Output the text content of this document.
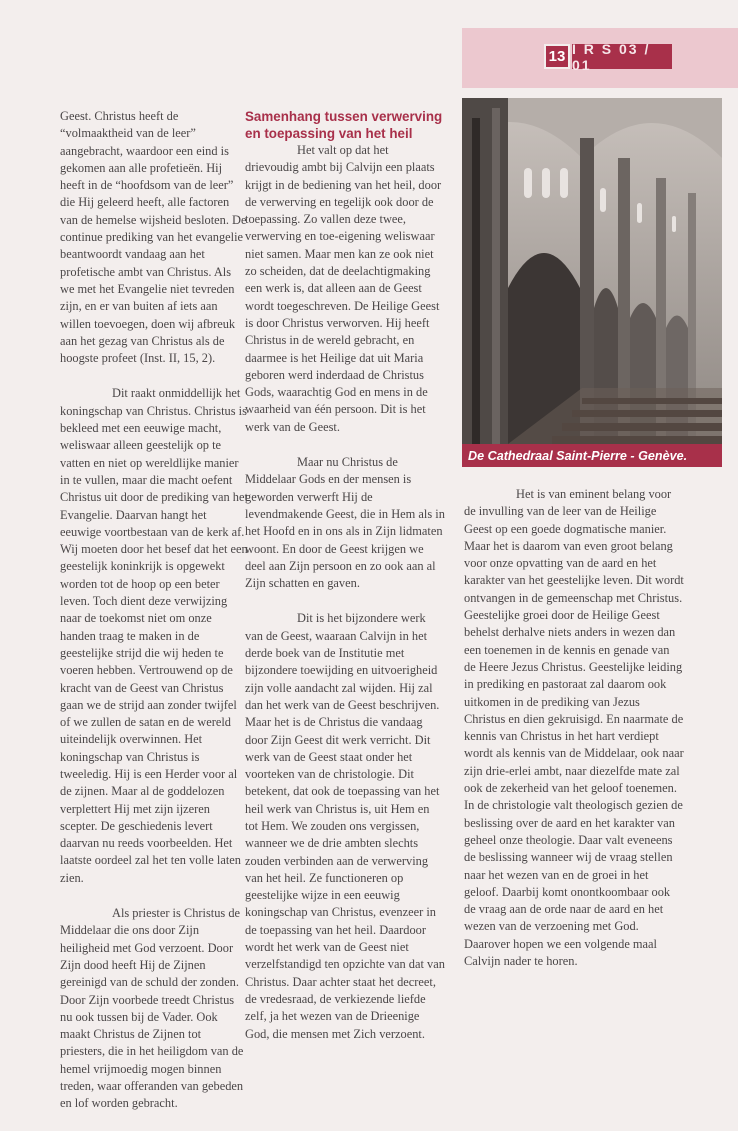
13 I R S 03 / 01

Geest. Christus heeft de “volmaaktheid van de leer” aangebracht, waardoor een eind is gekomen aan alle profetieën. Hij heeft in de “hoofdsom van de leer” die Hij geleerd heeft, alle factoren van de hemelse wijsheid besloten. De continue prediking van het evangelie beantwoordt vandaag aan het profetische ambt van Christus. Als we met het Evangelie niet tevreden zijn, en er van buiten af iets aan willen toevoegen, doen wij afbreuk aan het gezag van Christus als de hoogste profeet (Inst. II, 15, 2).

Dit raakt onmiddellijk het koningschap van Christus. Christus is bekleed met een eeuwige macht, weliswaar alleen geestelijk op te vatten en niet op wereldlijke manier in te vullen, maar die macht oefent Christus uit door de prediking van het Evangelie. Daarvan hangt het eeuwige voortbestaan van de kerk af. Wij moeten door het besef dat het een geestelijk koninkrijk is opgewekt worden tot de hoop op een beter leven. Toch dient deze verwijzing naar de toekomst niet om onze handen traag te maken in de geestelijke strijd die wij heden te voeren hebben. Vertrouwend op de kracht van de Geest van Christus gaan we de strijd aan zonder twijfel of we zullen de satan en de wereld uiteindelijk overwinnen. Het koningschap van Christus is tweeledig. Hij is een Herder voor al de zijnen. Maar al de goddelozen verplettert Hij met zijn ijzeren scepter. De geschiedenis levert daarvan nu reeds voorbeelden. Het laatste oordeel zal het ten volle laten zien.

Als priester is Christus de Middelaar die ons door Zijn heiligheid met God verzoent. Door Zijn dood heeft Hij de Zijnen gereinigd van de schuld der zonden. Door Zijn voorbede treedt Christus nu ook tussen bij de Vader. Ook maakt Christus de Zijnen tot priesters, die in het heiligdom van de hemel vrijmoedig mogen binnen treden, waar offeranden van gebeden en lof worden gebracht.

Samenhang tussen verwerving en toepassing van het heil

Het valt op dat het drievoudig ambt bij Calvijn een plaats krijgt in de bediening van het heil, door de verwerving en tegelijk ook door de toepassing. Zo vallen deze twee, verwerving en toe-eigening weliswaar niet samen. Maar men kan ze ook niet zo scheiden, dat de deelachtigmaking een werk is, dat alleen aan de Geest wordt toegeschreven. De Heilige Geest is door Christus verworven. Hij heeft Christus in de wereld gebracht, en daarmee is het Heilige dat uit Maria geboren werd inderdaad de Christus Gods, waarachtig God en mens in de waarheid van één persoon. Dit is het werk van de Geest.

Maar nu Christus de Middelaar Gods en der mensen is geworden verwerft Hij de levendmakende Geest, die in Hem als in het Hoofd en in ons als in Zijn lidmaten woont. En door de Geest krijgen we deel aan Zijn persoon en zo ook aan al Zijn schatten en gaven.

Dit is het bijzondere werk van de Geest, waaraan Calvijn in het derde boek van de Institutie met bijzondere toewijding en uitvoerigheid zijn volle aandacht zal wijden. Hij zal dan het werk van de Geest beschrijven. Maar het is de Christus die vandaag door Zijn Geest dit werk verricht. Dit werk van de Geest staat onder het voorteken van de christologie. Dit betekent, dat ook de toepassing van het heil werk van Christus is, uit Hem en tot Hem. We zouden ons vergissen, wanneer we de drie ambten slechts zouden verbinden aan de verwerving van het heil. Ze functioneren op geestelijke wijze in een eeuwig koningschap van Christus, evenzeer in de toepassing van het heil. Daardoor wordt het werk van de Geest niet verzelfstandigd ten opzichte van dat van Christus. Daar achter staat het decreet, de vredesraad, de verkiezende liefde zelf, ja het wezen van de Drieenige God, die mensen met Zich verzoent.

De Cathedraal Saint-Pierre - Genève.

Het is van eminent belang voor de invulling van de leer van de Heilige Geest op een goede dogmatische manier. Maar het is daarom van even groot belang voor onze opvatting van de aard en het karakter van het geestelijke leven. Dit wordt ontvangen in de gemeenschap met Christus. Geestelijke groei door de Heilige Geest behelst derhalve niets anders in wezen dan een toenemen in de kennis en genade van de Heere Jezus Christus. Geestelijke leiding in prediking en pastoraat zal daarom ook uitkomen in de prediking van Jezus Christus en dien gekruisigd. En naarmate de kennis van Christus in het hart verdiept wordt als kennis van de Middelaar, ook naar zijn drie-erlei ambt, naar diezelfde mate zal ook de zekerheid van het geloof toenemen. In de christologie valt theologisch gezien de beslissing over de aard en het karakter van geheel onze theologie. Daar valt eveneens de beslissing wanneer wij de vraag stellen naar het wezen van en de groei in het geloof. Daarbij komt onontkoombaar ook de vraag aan de orde naar de aard en het wezen van de verzoening met God. Daarover hopen we een volgende maal Calvijn nader te horen.
